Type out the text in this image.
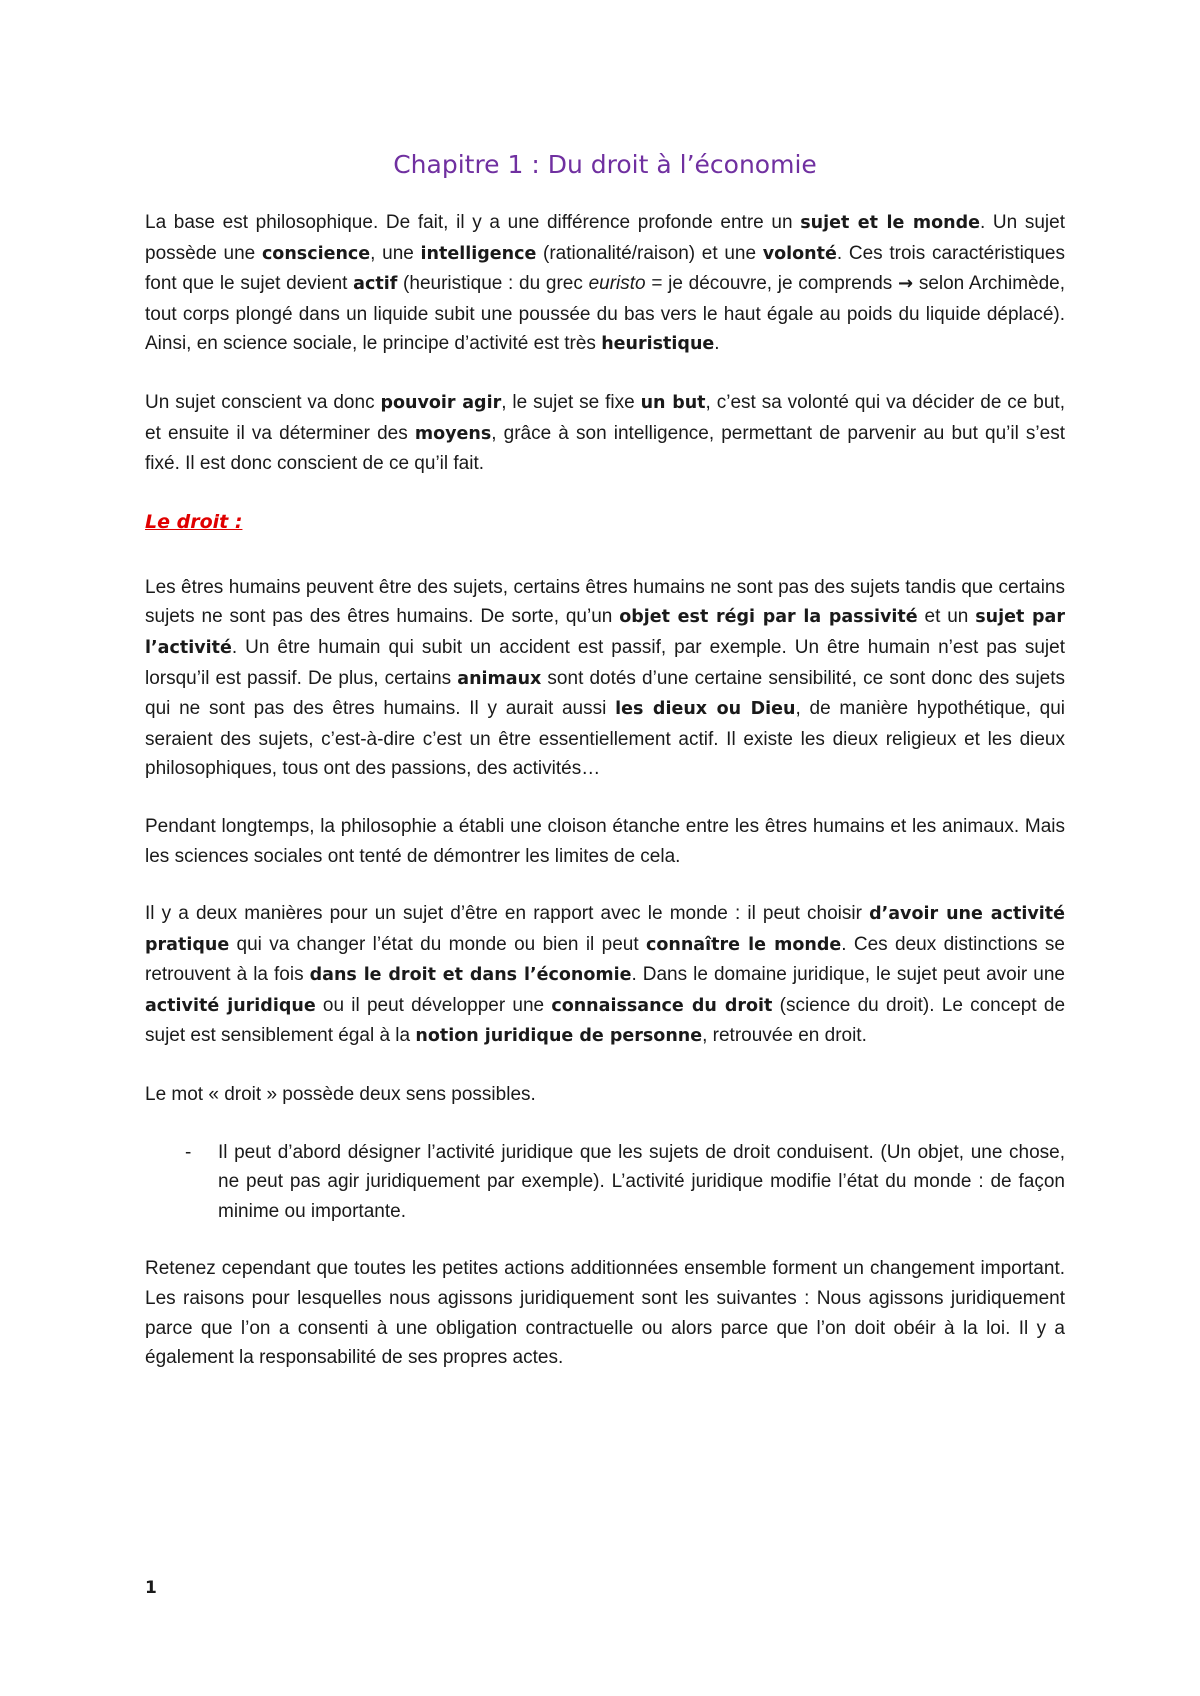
Chapitre 1 : Du droit à l’économie

La base est philosophique. De fait, il y a une différence profonde entre un sujet et le monde. Un sujet possède une conscience, une intelligence (rationalité/raison) et une volonté. Ces trois caractéristiques font que le sujet devient actif (heuristique : du grec euristo = je découvre, je comprends → selon Archimède, tout corps plongé dans un liquide subit une poussée du bas vers le haut égale au poids du liquide déplacé). Ainsi, en science sociale, le principe d’activité est très heuristique.

Un sujet conscient va donc pouvoir agir, le sujet se fixe un but, c’est sa volonté qui va décider de ce but, et ensuite il va déterminer des moyens, grâce à son intelligence, permettant de parvenir au but qu’il s’est fixé. Il est donc conscient de ce qu’il fait.

Le droit :

Les êtres humains peuvent être des sujets, certains êtres humains ne sont pas des sujets tandis que certains sujets ne sont pas des êtres humains. De sorte, qu’un objet est régi par la passivité et un sujet par l’activité. Un être humain qui subit un accident est passif, par exemple. Un être humain n’est pas sujet lorsqu’il est passif. De plus, certains animaux sont dotés d’une certaine sensibilité, ce sont donc des sujets qui ne sont pas des êtres humains. Il y aurait aussi les dieux ou Dieu, de manière hypothétique, qui seraient des sujets, c’est-à-dire c’est un être essentiellement actif. Il existe les dieux religieux et les dieux philosophiques, tous ont des passions, des activités…

Pendant longtemps, la philosophie a établi une cloison étanche entre les êtres humains et les animaux. Mais les sciences sociales ont tenté de démontrer les limites de cela.

Il y a deux manières pour un sujet d’être en rapport avec le monde : il peut choisir d’avoir une activité pratique qui va changer l’état du monde ou bien il peut connaître le monde. Ces deux distinctions se retrouvent à la fois dans le droit et dans l’économie. Dans le domaine juridique, le sujet peut avoir une activité juridique ou il peut développer une connaissance du droit (science du droit). Le concept de sujet est sensiblement égal à la notion juridique de personne, retrouvée en droit.

Le mot « droit » possède deux sens possibles.

- Il peut d’abord désigner l’activité juridique que les sujets de droit conduisent. (Un objet, une chose, ne peut pas agir juridiquement par exemple). L’activité juridique modifie l’état du monde : de façon minime ou importante.

Retenez cependant que toutes les petites actions additionnées ensemble forment un changement important. Les raisons pour lesquelles nous agissons juridiquement sont les suivantes : Nous agissons juridiquement parce que l’on a consenti à une obligation contractuelle ou alors parce que l’on doit obéir à la loi. Il y a également la responsabilité de ses propres actes.

1
